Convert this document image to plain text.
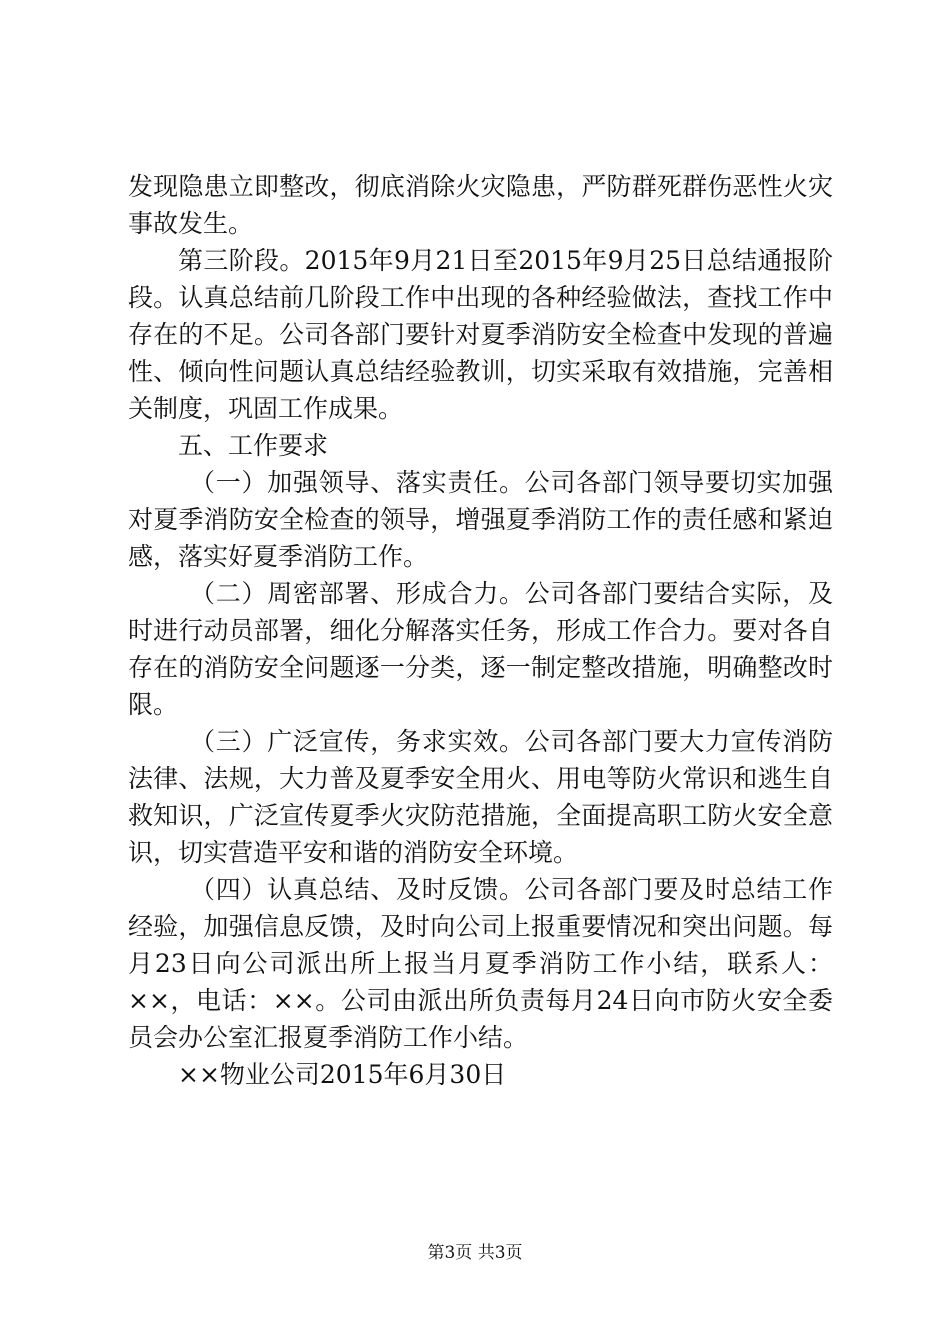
发现隐患立即整改，彻底消除火灾隐患，严防群死群伤恶性火灾事故发生。

第三阶段。2015年9月21日至2015年9月25日总结通报阶段。认真总结前几阶段工作中出现的各种经验做法，查找工作中存在的不足。公司各部门要针对夏季消防安全检查中发现的普遍性、倾向性问题认真总结经验教训，切实采取有效措施，完善相关制度，巩固工作成果。

五、工作要求

（一）加强领导、落实责任。公司各部门领导要切实加强对夏季消防安全检查的领导，增强夏季消防工作的责任感和紧迫感，落实好夏季消防工作。

（二）周密部署、形成合力。公司各部门要结合实际，及时进行动员部署，细化分解落实任务，形成工作合力。要对各自存在的消防安全问题逐一分类，逐一制定整改措施，明确整改时限。

（三）广泛宣传，务求实效。公司各部门要大力宣传消防法律、法规，大力普及夏季安全用火、用电等防火常识和逃生自救知识，广泛宣传夏季火灾防范措施，全面提高职工防火安全意识，切实营造平安和谐的消防安全环境。

（四）认真总结、及时反馈。公司各部门要及时总结工作经验，加强信息反馈，及时向公司上报重要情况和突出问题。每月23日向公司派出所上报当月夏季消防工作小结，联系人：××，电话：××。公司由派出所负责每月24日向市防火安全委员会办公室汇报夏季消防工作小结。

××物业公司2015年6月30日

第3页 共3页
